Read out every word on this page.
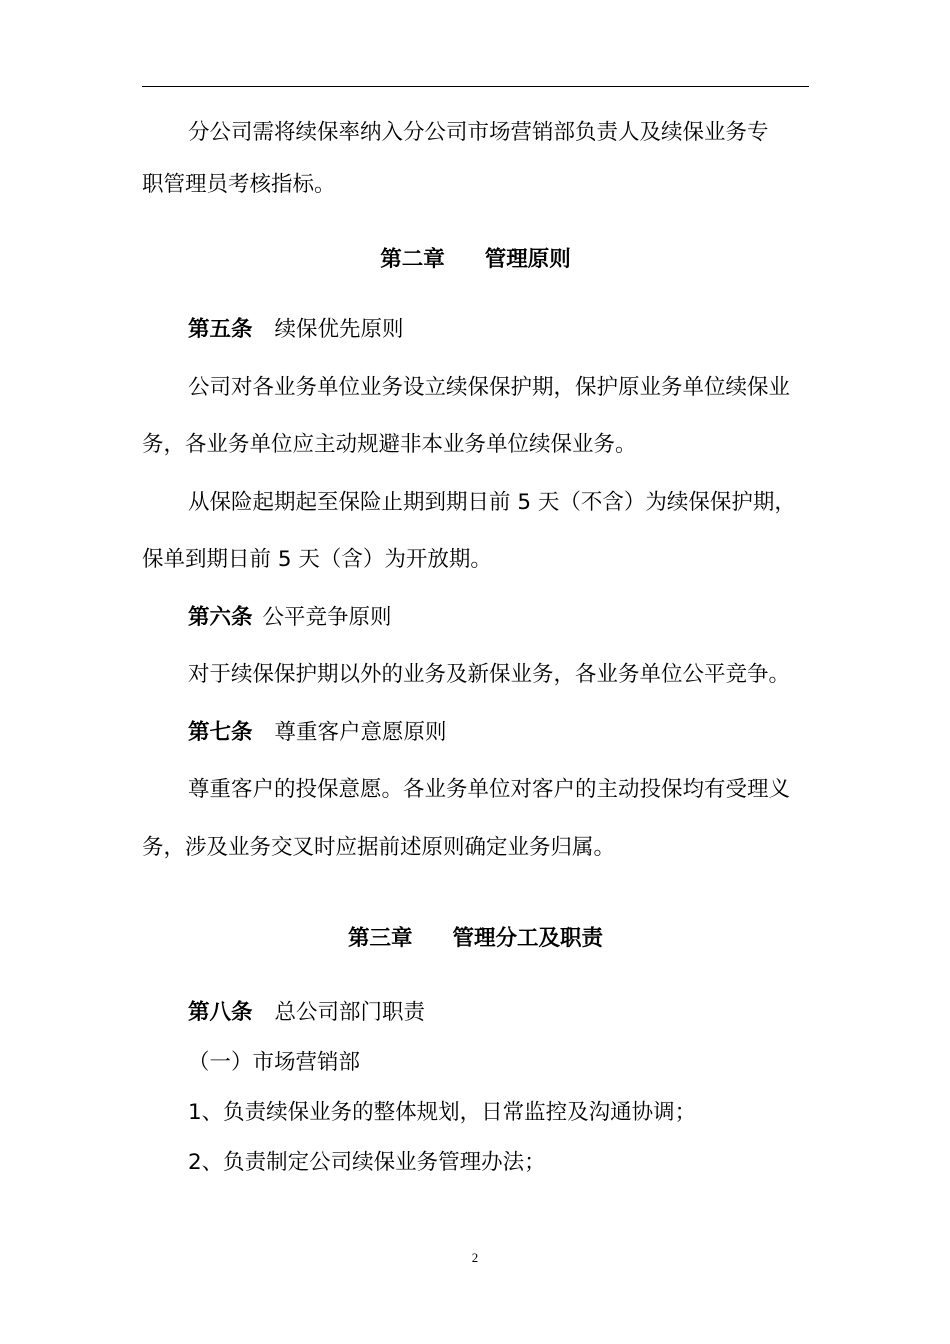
分公司需将续保率纳入分公司市场营销部负责人及续保业务专
职管理员考核指标。
第二章 管理原则
第五条 续保优先原则
公司对各业务单位业务设立续保保护期，保护原业务单位续保业
务，各业务单位应主动规避非本业务单位续保业务。
从保险起期起至保险止期到期日前 5 天（不含）为续保保护期，
保单到期日前 5 天（含）为开放期。
第六条 公平竞争原则
对于续保保护期以外的业务及新保业务，各业务单位公平竞争。
第七条 尊重客户意愿原则
尊重客户的投保意愿。各业务单位对客户的主动投保均有受理义
务，涉及业务交叉时应据前述原则确定业务归属。
第三章 管理分工及职责
第八条 总公司部门职责
（一）市场营销部
1、负责续保业务的整体规划，日常监控及沟通协调；
2、负责制定公司续保业务管理办法；
2
